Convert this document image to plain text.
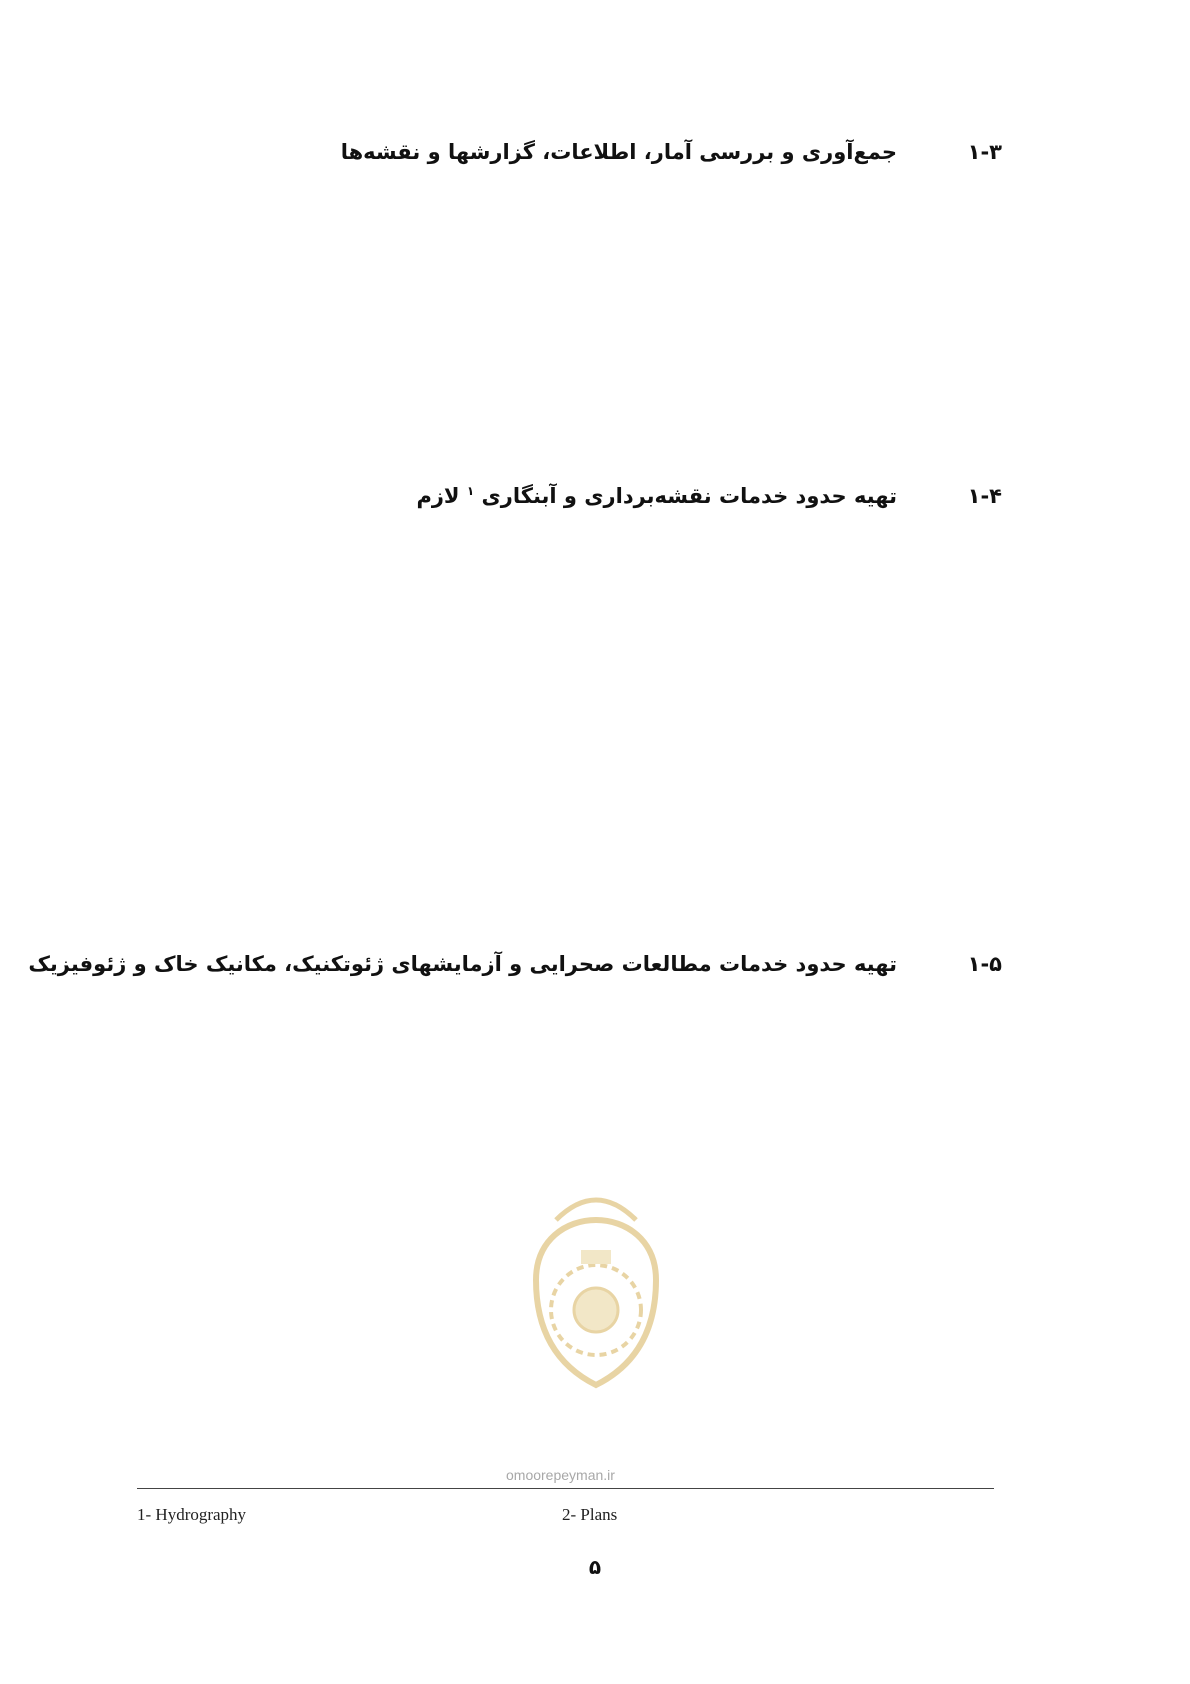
۱-۳
جمع‌آوری و بررسی آمار، اطلاعات، گزارشها و نقشه‌ها
۱-۴
تهیه حدود خدمات نقشه‌برداری و آبنگاری $^۱$ لازم
۱-۵
تهیه حدود خدمات مطالعات صحرایی و آزمایشهای ژئوتکنیک، مکانیک خاک و ژئوفیزیک
omoorepeyman.ir
1- Hydrography	2- Plans
۵
